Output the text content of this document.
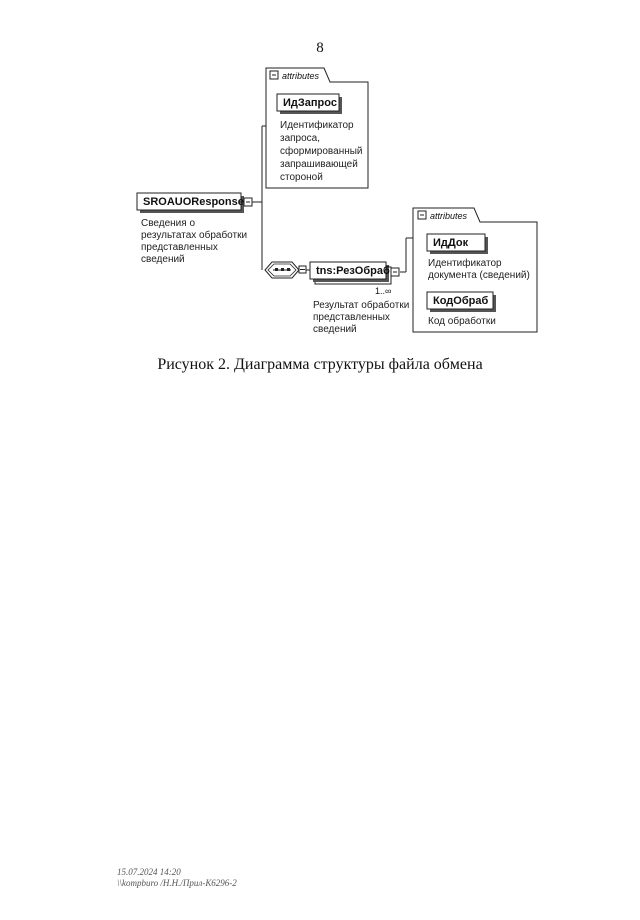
8
attributes
ИдЗапрос
Идентификатор запроса, сформированный запрашивающей стороной
SROAUOResponse
Сведения о результатах обработки представленных сведений
tns:РезОбраб
1..∞
Результат обработки представленных сведений
attributes
ИдДок
Идентификатор документа (сведений)
КодОбраб
Код обработки
Рисунок 2. Диаграмма структуры файла обмена
15.07.2024 14:20
\\kompburo /Н.Н./Прил-К6296-2
